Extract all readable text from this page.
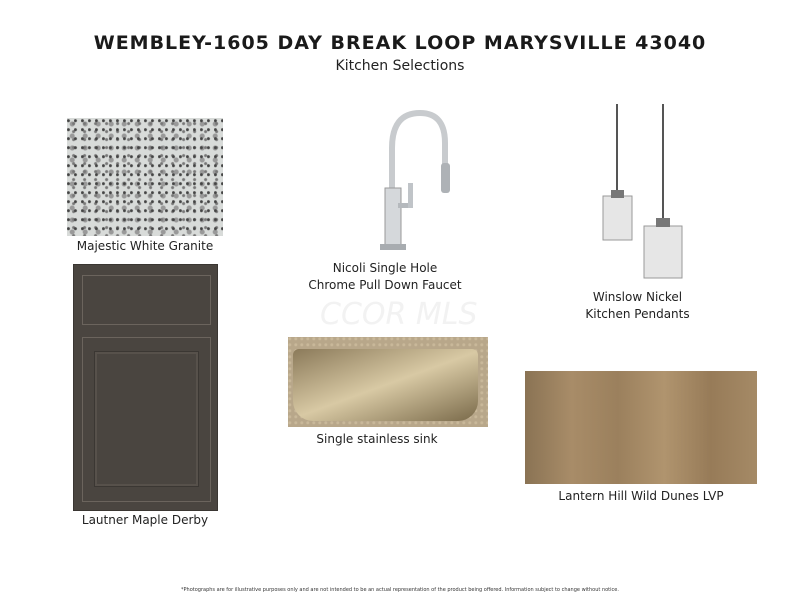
WEMBLEY-1605 DAY BREAK LOOP MARYSVILLE 43040
Kitchen Selections
Majestic White Granite
Nicoli Single Hole
Chrome Pull Down Faucet
Winslow Nickel
Kitchen Pendants
Lautner Maple Derby
CCOR MLS
Single stainless sink
Lantern Hill Wild Dunes LVP
*Photographs are for illustrative purposes only and are not intended to be an actual representation of the product being offered. Information subject to change without notice.
